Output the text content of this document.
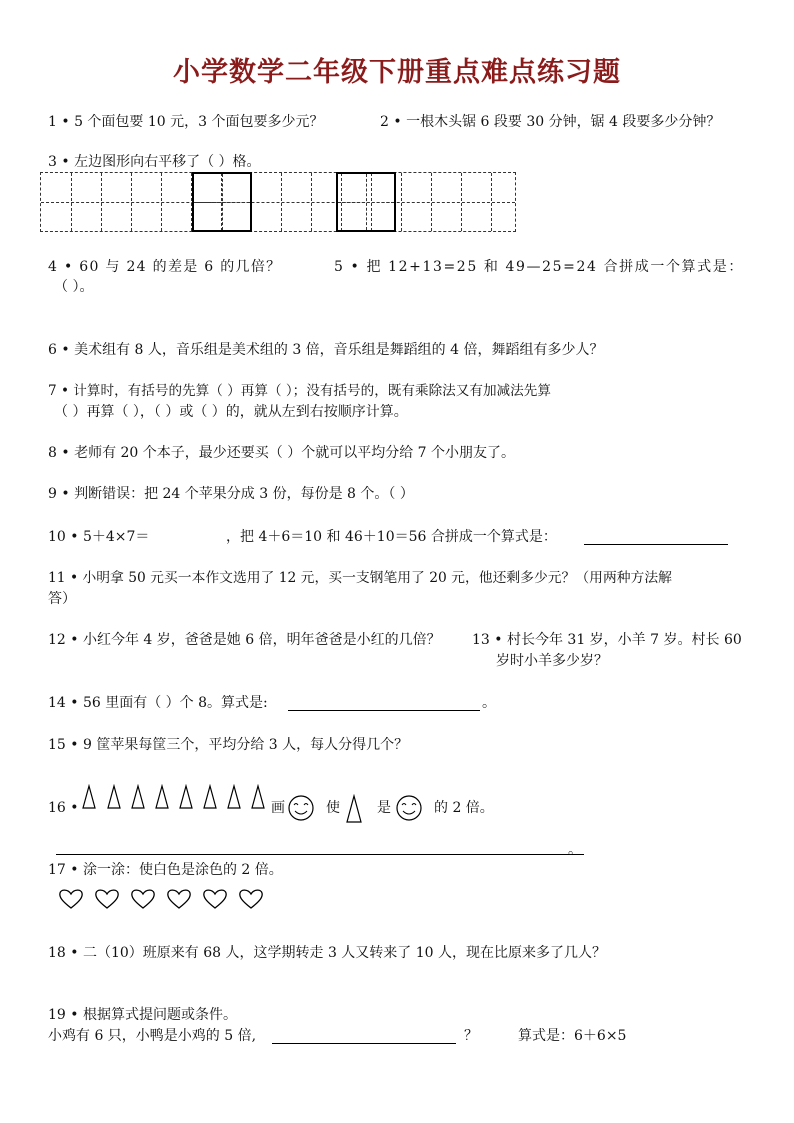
小学数学二年级下册重点难点练习题
1 • 5 个面包要 10 元，3 个面包要多少元？	2 • 一根木头锯 6 段要 30 分钟，锯 4 段要多少分钟？
3 • 左边图形向右平移了（ ）格。
4 • 60 与 24 的差是 6 的几倍？	5 • 把 12+13=25 和 49—25=24 合拼成一个算式是：
（ ）。
6 • 美术组有 8 人，音乐组是美术组的 3 倍，音乐组是舞蹈组的 4 倍，舞蹈组有多少人？
7 • 计算时，有括号的先算（ ）再算（ ）；没有括号的，既有乘除法又有加减法先算
（ ）再算（ ），（ ）或（ ）的，就从左到右按顺序计算。
8 • 老师有 20 个本子，最少还要买（ ）个就可以平均分给 7 个小朋友了。
9 • 判断错误：把 24 个苹果分成 3 份，每份是 8 个。（ ）
10 • 5＋4×7＝	，把 4＋6＝10 和 46＋10＝56 合拼成一个算式是：
11 • 小明拿 50 元买一本作文选用了 12 元，买一支钢笔用了 20 元，他还剩多少元？（用两种方法解
答）
12 • 小红今年 4 岁，爸爸是她 6 倍，明年爸爸是小红的几倍？ 13 • 村长今年 31 岁，小羊 7 岁。村长 60
岁时小羊多少岁？
14 • 56 里面有（ ）个 8。算式是:	。
15 • 9 筐苹果每筐三个，平均分给 3 人，每人分得几个？
16 •	画	使	是	的 2 倍。
。
17 • 涂一涂：使白色是涂色的 2 倍。
18 • 二（10）班原来有 68 人，这学期转走 3 人又转来了 10 人，现在比原来多了几人？
19 • 根据算式提问题或条件。
小鸡有 6 只，小鸭是小鸡的 5 倍,	？	算式是：6＋6×5
